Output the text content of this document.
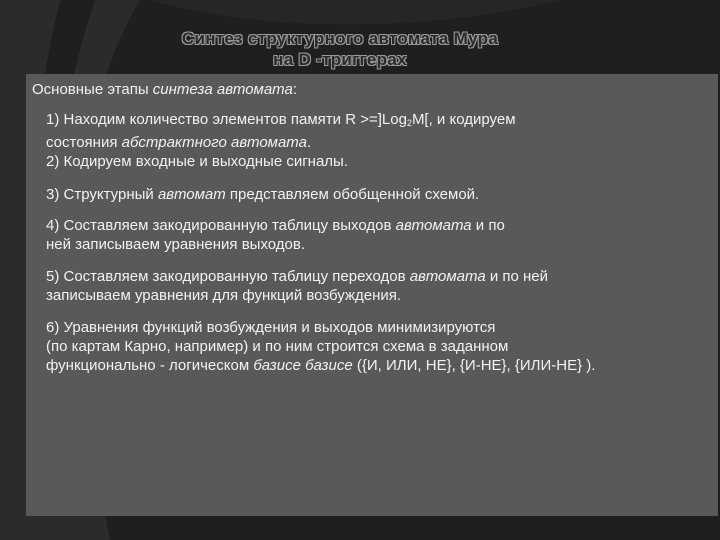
Синтез структурного автомата Мура
на D -триггерах
Основные этапы синтеза автомата:
1) Находим количество элементов памяти R >=]Log$_2$M[, и кодируем
состояния абстрактного автомата.
2) Кодируем входные и выходные сигналы.
3) Структурный автомат представляем обобщенной схемой.
4) Составляем закодированную таблицу выходов автомата и по
ней записываем уравнения выходов.
5) Составляем закодированную таблицу переходов автомата и по ней
записываем уравнения для функций возбуждения.
6) Уравнения функций возбуждения и выходов минимизируются
(по картам Карно, например) и по ним строится схема в заданном
функционально - логическом базисе базисе ({И, ИЛИ, НЕ}, {И-НЕ}, {ИЛИ-НЕ} ).
